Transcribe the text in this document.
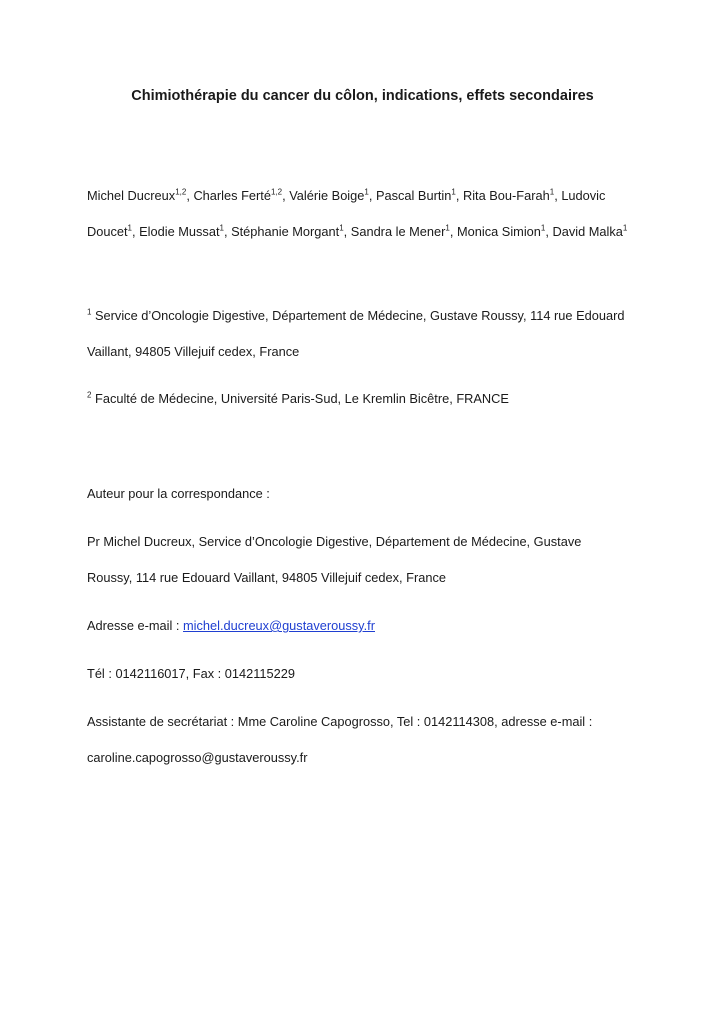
Chimiothérapie du cancer du côlon, indications, effets secondaires

Michel Ducreux$^{1,2}$, Charles Ferté$^{1,2}$, Valérie Boige$^1$, Pascal Burtin$^1$, Rita Bou-Farah$^1$, Ludovic Doucet$^1$, Elodie Mussat$^1$, Stéphanie Morgant$^1$, Sandra le Mener$^1$, Monica Simion$^1$, David Malka$^1$

$^1$ Service d’Oncologie Digestive, Département de Médecine, Gustave Roussy, 114 rue Edouard Vaillant, 94805 Villejuif cedex, France

$^2$ Faculté de Médecine, Université Paris-Sud, Le Kremlin Bicêtre, FRANCE

Auteur pour la correspondance :

Pr Michel Ducreux, Service d’Oncologie Digestive, Département de Médecine, Gustave Roussy, 114 rue Edouard Vaillant, 94805 Villejuif cedex, France

Adresse e-mail : michel.ducreux@gustaveroussy.fr

Tél : 0142116017, Fax : 0142115229

Assistante de secrétariat : Mme Caroline Capogrosso, Tel : 0142114308, adresse e-mail : caroline.capogrosso@gustaveroussy.fr
